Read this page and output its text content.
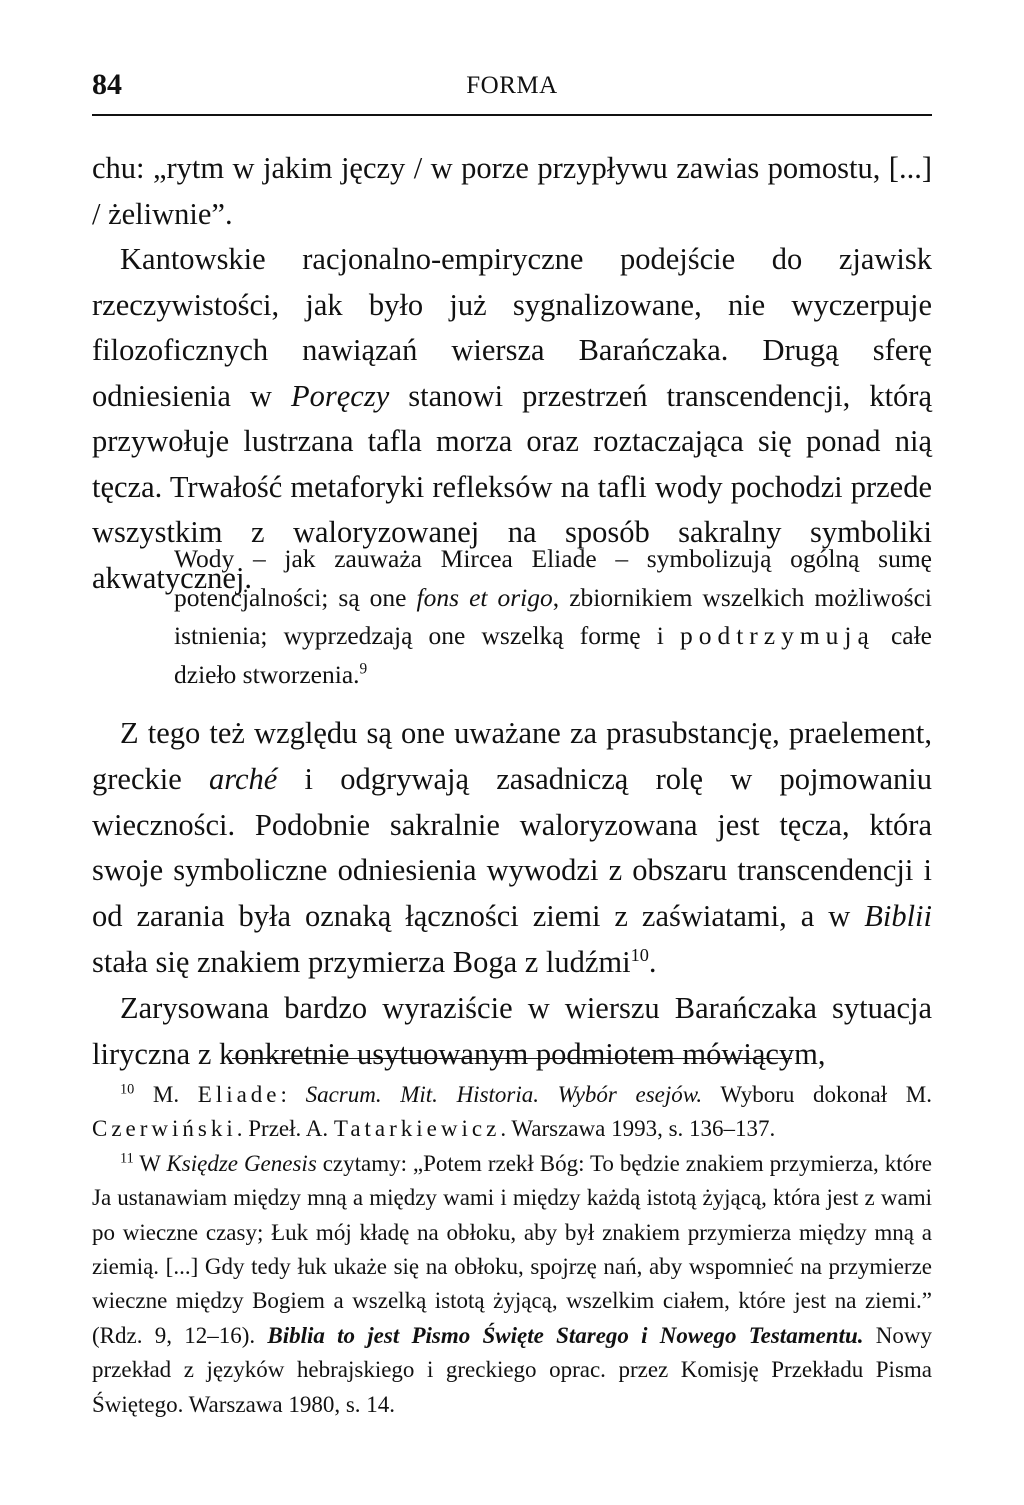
84	FORMA

chu: „rytm w jakim jęczy / w porze przypływu zawias pomostu, [...] / żeliwnie”.

Kantowskie racjonalno-empiryczne podejście do zjawisk rzeczywistości, jak było już sygnalizowane, nie wyczerpuje filozoficznych nawiązań wiersza Barańczaka. Drugą sferę odniesienia w Poręczy stanowi przestrzeń transcendencji, którą przywołuje lustrzana tafla morza oraz roztaczająca się ponad nią tęcza. Trwałość metaforyki refleksów na tafli wody pochodzi przede wszystkim z waloryzowanej na sposób sakralny symboliki akwatycznej.

Wody – jak zauważa Mircea Eliade – symbolizują ogólną sumę potencjalności; są one fons et origo, zbiornikiem wszelkich możliwości istnienia; wyprzedzają one wszelką formę i podtrzymują całe dzieło stworzenia.$^9$

Z tego też względu są one uważane za prasubstancję, praelement, greckie arché i odgrywają zasadniczą rolę w pojmowaniu wieczności. Podobnie sakralnie waloryzowana jest tęcza, która swoje symboliczne odniesienia wywodzi z obszaru transcendencji i od zarania była oznaką łączności ziemi z zaświatami, a w Biblii stała się znakiem przymierza Boga z ludźmi$^{10}$.

Zarysowana bardzo wyraziście w wierszu Barańczaka sytuacja liryczna z konkretnie usytuowanym podmiotem mówiącym,

$^{10}$ M. Eliade: Sacrum. Mit. Historia. Wybór esejów. Wyboru dokonał M. Czerwiński. Przeł. A. Tatarkiewicz. Warszawa 1993, s. 136–137.

$^{11}$ W Księdze Genesis czytamy: „Potem rzekł Bóg: To będzie znakiem przymierza, które Ja ustanawiam między mną a między wami i między każdą istotą żyjącą, która jest z wami po wieczne czasy; Łuk mój kładę na obłoku, aby był znakiem przymierza między mną a ziemią. [...] Gdy tedy łuk ukaże się na obłoku, spojrzę nań, aby wspomnieć na przymierze wieczne między Bogiem a wszelką istotą żyjącą, wszelkim ciałem, które jest na ziemi.” (Rdz. 9, 12–16). Biblia to jest Pismo Święte Starego i Nowego Testamentu. Nowy przekład z języków hebrajskiego i greckiego oprac. przez Komisję Przekładu Pisma Świętego. Warszawa 1980, s. 14.
